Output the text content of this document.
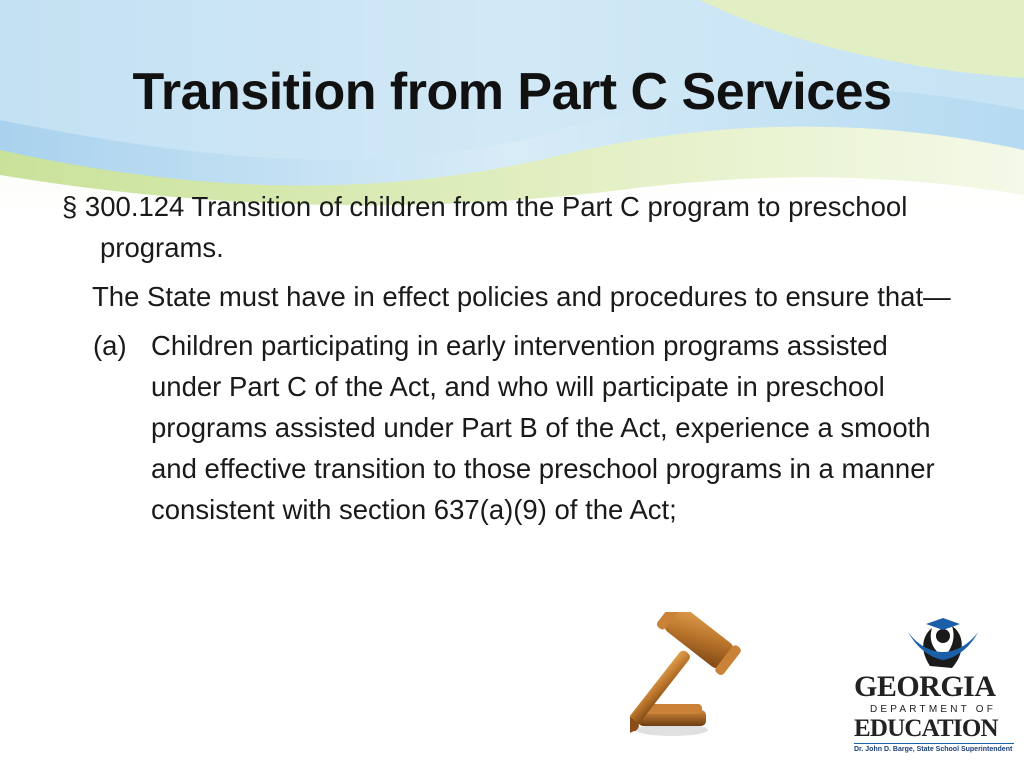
Transition from Part C Services
§ 300.124 Transition of children from the Part C program to preschool programs.
The State must have in effect policies and procedures to ensure that—
(a) Children participating in early intervention programs assisted under Part C of the Act, and who will participate in preschool programs assisted under Part B of the Act, experience a smooth and effective transition to those preschool programs in a manner consistent with section 637(a)(9) of the Act;
GEORGIA
DEPARTMENT OF
EDUCATION
Dr. John D. Barge, State School Superintendent
